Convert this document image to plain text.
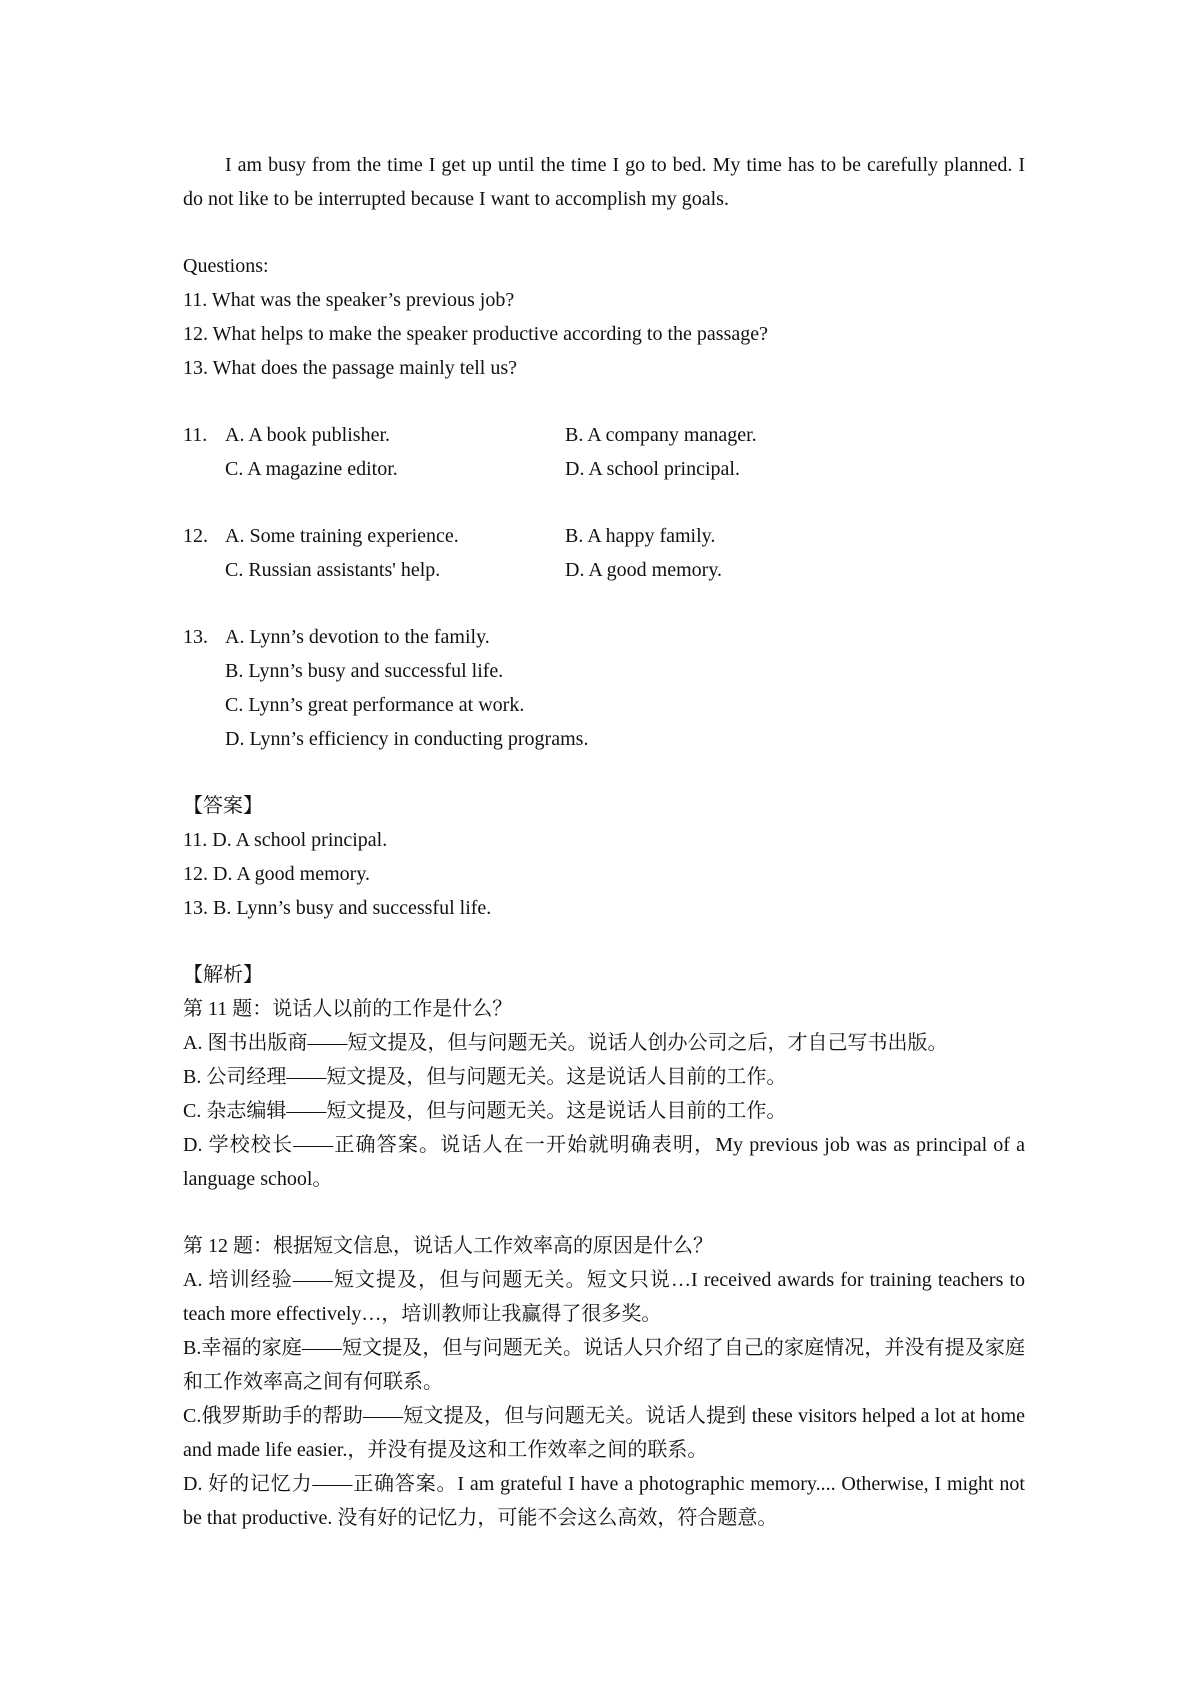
I am busy from the time I get up until the time I go to bed. My time has to be carefully planned. I do not like to be interrupted because I want to accomplish my goals.

Questions:
11. What was the speaker’s previous job?
12. What helps to make the speaker productive according to the passage?
13. What does the passage mainly tell us?
11. A. A book publisher.	B. A company manager.
C. A magazine editor.	D. A school principal.
12. A. Some training experience.	B. A happy family.
C. Russian assistants' help.	D. A good memory.
13. A. Lynn’s devotion to the family.
B. Lynn’s busy and successful life.
C. Lynn’s great performance at work.
D. Lynn’s efficiency in conducting programs.
【答案】
11. D. A school principal.
12. D. A good memory.
13. B. Lynn’s busy and successful life.
【解析】
第 11 题：说话人以前的工作是什么？
A. 图书出版商——短文提及，但与问题无关。说话人创办公司之后，才自己写书出版。
B. 公司经理——短文提及，但与问题无关。这是说话人目前的工作。
C. 杂志编辑——短文提及，但与问题无关。这是说话人目前的工作。

D. 学校校长——正确答案。说话人在一开始就明确表明，My previous job was as principal of a language school。

第 12 题：根据短文信息，说话人工作效率高的原因是什么？

A. 培训经验——短文提及，但与问题无关。短文只说…I received awards for training teachers to teach more effectively…，培训教师让我赢得了很多奖。

B.幸福的家庭——短文提及，但与问题无关。说话人只介绍了自己的家庭情况，并没有提及家庭和工作效率高之间有何联系。

C.俄罗斯助手的帮助——短文提及，但与问题无关。说话人提到 these visitors helped a lot at home and made life easier.，并没有提及这和工作效率之间的联系。

D. 好的记忆力——正确答案。I am grateful I have a photographic memory.... Otherwise, I might not be that productive. 没有好的记忆力，可能不会这么高效，符合题意。
